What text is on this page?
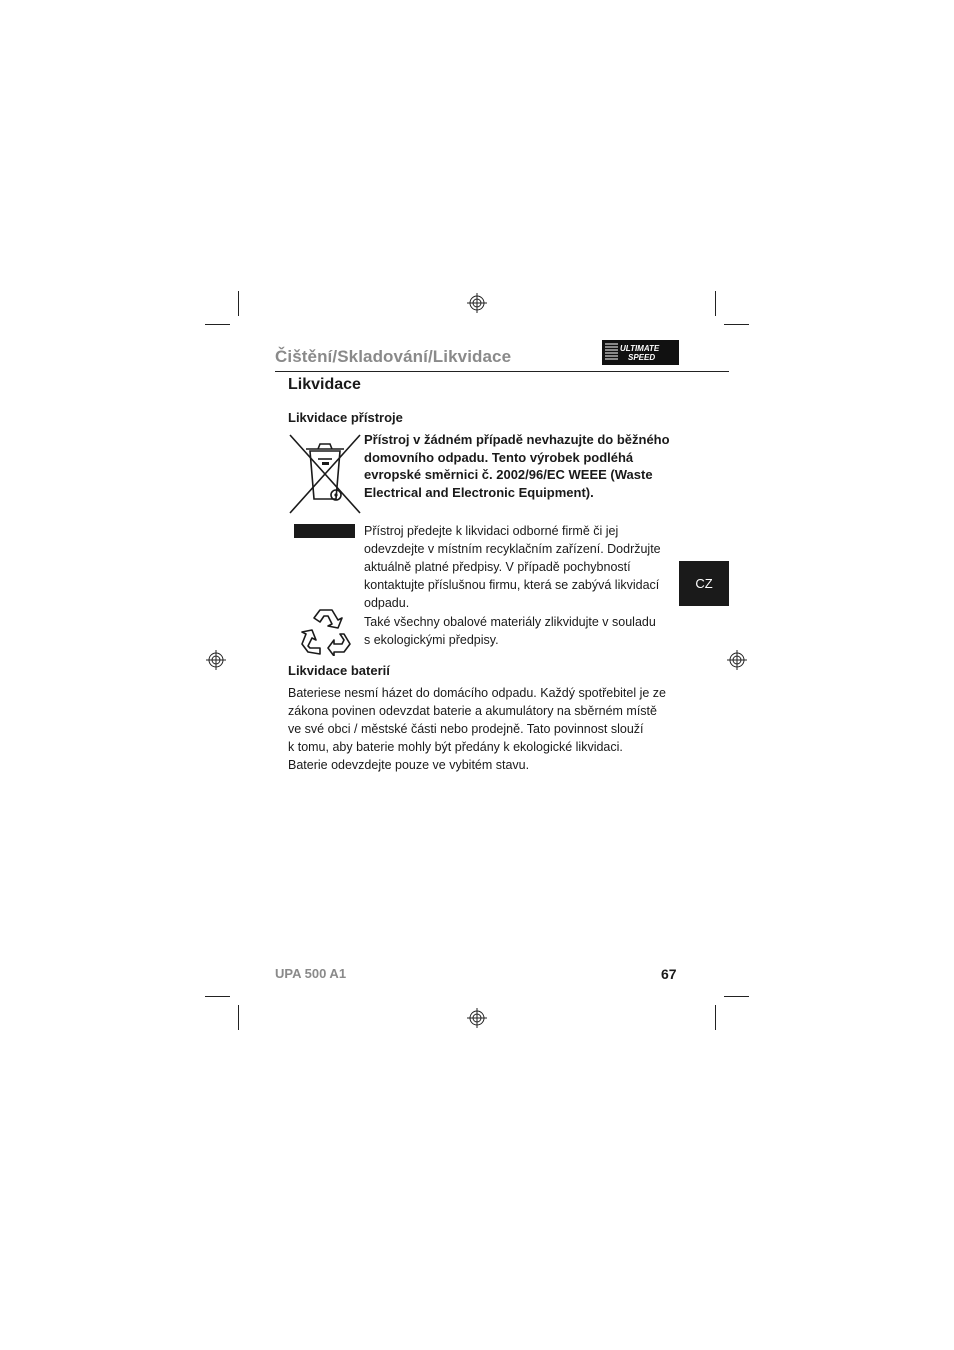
Čištění/Skladování/Likvidace	ULTIMATE
SPEED
Likvidace
Likvidace přístroje
Přístroj v žádném případě nevhazujte do běžného domovního odpadu. Tento výrobek podléhá evropské směrnici č. 2002/96/EC WEEE (Waste Electrical and Electronic Equipment).
Přístroj předejte k likvidaci odborné firmě či jej
odevzdejte v místním recyklačním zařízení. Dodržujte
aktuálně platné předpisy. V případě pochybností
kontaktujte příslušnou firmu, která se zabývá likvidací
odpadu.
Také všechny obalové materiály zlikvidujte v souladu
s ekologickými předpisy.
Likvidace baterií
Bateriese nesmí házet do domácího odpadu. Každý spotřebitel je ze
zákona povinen odevzdat baterie a akumulátory na sběrném místě
ve své obci / městské části nebo prodejně. Tato povinnost slouží
k tomu, aby baterie mohly být předány k ekologické likvidaci.
Baterie odevzdejte pouze ve vybitém stavu.
CZ
UPA 500 A1	67
